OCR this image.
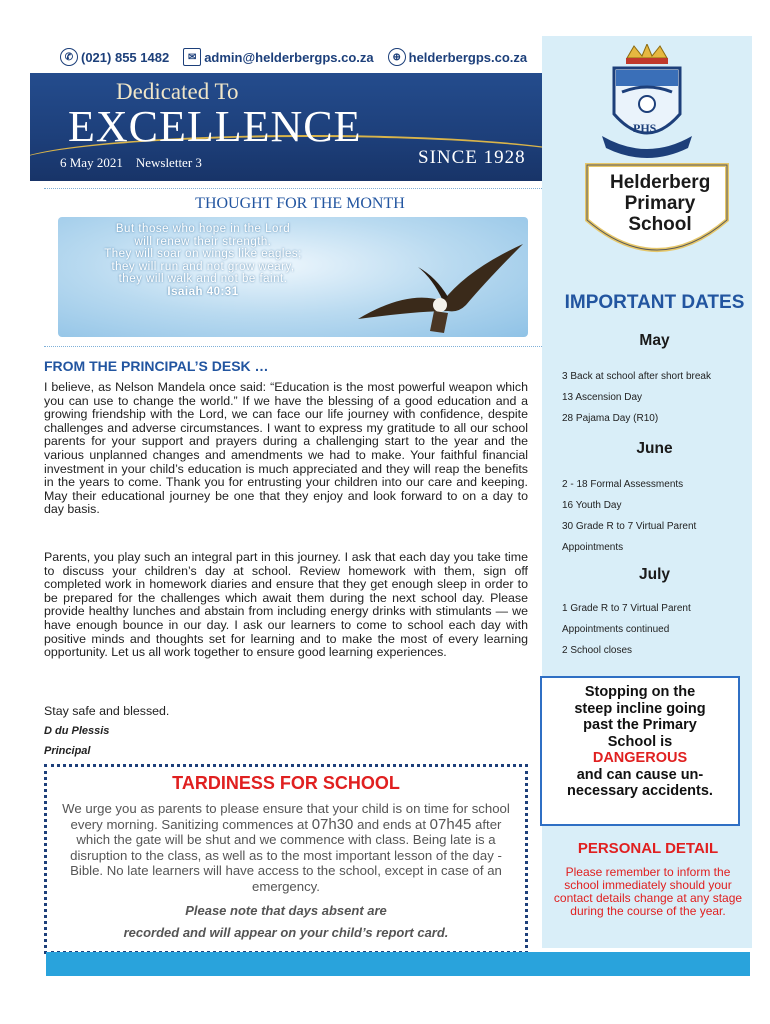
✆ (021) 855 1482	✉ admin@helderbergps.co.za	⊕ helderbergps.co.za
Dedicated To
EXCELLENCE
6 May 2021 Newsletter 3	SINCE 1928
PHS
Helderberg
Primary
School
THOUGHT FOR THE MONTH
But those who hope in the Lord
will renew their strength.
They will soar on wings like eagles;
they will run and not grow weary,
they will walk and not be faint.
Isaiah 40:31
FROM THE PRINCIPAL’S DESK …
I believe, as Nelson Mandela once said: “Education is the most powerful weapon which you can use to change the world.” If we have the blessing of a good education and a growing friendship with the Lord, we can face our life journey with confidence, despite challenges and adverse circumstances. I want to express my gratitude to all our school parents for your support and prayers during a challenging start to the year and the various unplanned changes and amendments we had to make. Your faithful financial investment in your child’s education is much appreciated and they will reap the benefits in the years to come. Thank you for entrusting your children into our care and keeping. May their educational journey be one that they enjoy and look forward to on a day to day basis.
Parents, you play such an integral part in this journey. I ask that each day you take time to discuss your children’s day at school. Review homework with them, sign off completed work in homework diaries and ensure that they get enough sleep in order to be prepared for the challenges which await them during the next school day. Please provide healthy lunches and abstain from including energy drinks with stimulants — we have enough bounce in our day. I ask our learners to come to school each day with positive minds and thoughts set for learning and to make the most of every learning opportunity. Let us all work together to ensure good learning experiences.
Stay safe and blessed.
D du Plessis
Principal
TARDINESS FOR SCHOOL
We urge you as parents to please ensure that your child is on time for school every morning. Sanitizing commences at 07h30 and ends at 07h45 after which the gate will be shut and we commence with class. Being late is a disruption to the class, as well as to the most important lesson of the day - Bible. No late learners will have access to the school, except in case of an emergency.
Please note that days absent are
recorded and will appear on your child’s report card.
IMPORTANT DATES
May
3 Back at school after short break
13 Ascension Day
28 Pajama Day (R10)
June
2 - 18 Formal Assessments
16 Youth Day
30 Grade R to 7 Virtual Parent
Appointments
July
1 Grade R to 7 Virtual Parent
Appointments continued
2 School closes
Stopping on the
steep incline going
past the Primary
School is
DANGEROUS
and can cause un-
necessary accidents.
PERSONAL DETAIL
Please remember to inform the school immediately should your contact details change at any stage during the course of the year.
